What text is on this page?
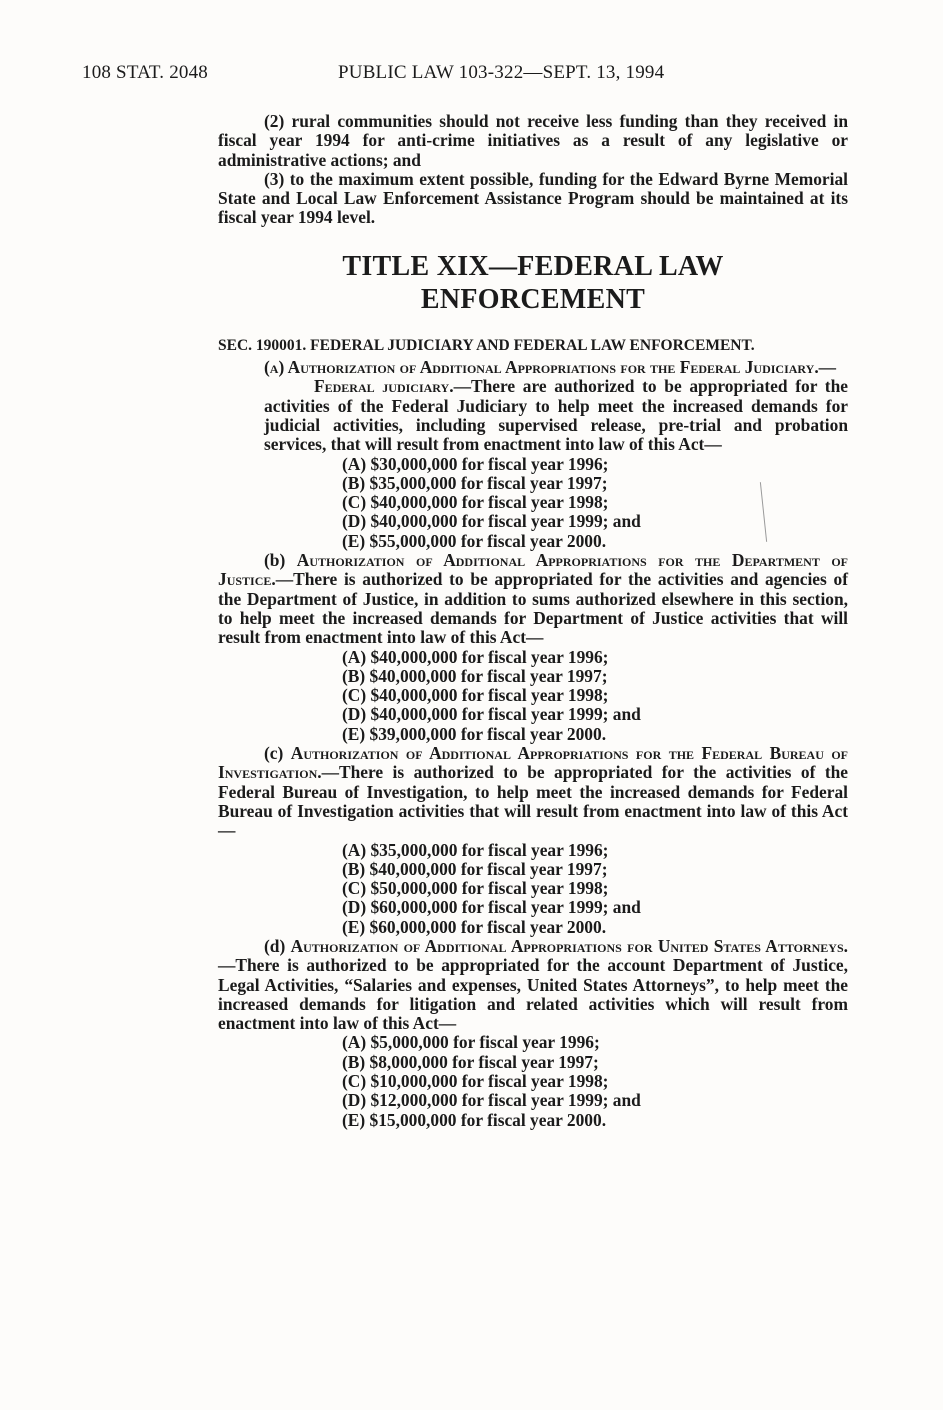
108 STAT. 2048	PUBLIC LAW 103-322—SEPT. 13, 1994

(2) rural communities should not receive less funding than they received in fiscal year 1994 for anti-crime initiatives as a result of any legislative or administrative actions; and

(3) to the maximum extent possible, funding for the Edward Byrne Memorial State and Local Law Enforcement Assistance Program should be maintained at its fiscal year 1994 level.

TITLE XIX—FEDERAL LAW
ENFORCEMENT

SEC. 190001. FEDERAL JUDICIARY AND FEDERAL LAW ENFORCEMENT.

(a) Authorization of Additional Appropriations for the Federal Judiciary.—

Federal judiciary.—There are authorized to be appropriated for the activities of the Federal Judiciary to help meet the increased demands for judicial activities, including supervised release, pre-trial and probation services, that will result from enactment into law of this Act—

(A) $30,000,000 for fiscal year 1996;

(B) $35,000,000 for fiscal year 1997;

(C) $40,000,000 for fiscal year 1998;

(D) $40,000,000 for fiscal year 1999; and

(E) $55,000,000 for fiscal year 2000.

(b) Authorization of Additional Appropriations for the Department of Justice.—There is authorized to be appropriated for the activities and agencies of the Department of Justice, in addition to sums authorized elsewhere in this section, to help meet the increased demands for Department of Justice activities that will result from enactment into law of this Act—

(A) $40,000,000 for fiscal year 1996;

(B) $40,000,000 for fiscal year 1997;

(C) $40,000,000 for fiscal year 1998;

(D) $40,000,000 for fiscal year 1999; and

(E) $39,000,000 for fiscal year 2000.

(c) Authorization of Additional Appropriations for the Federal Bureau of Investigation.—There is authorized to be appropriated for the activities of the Federal Bureau of Investigation, to help meet the increased demands for Federal Bureau of Investigation activities that will result from enactment into law of this Act—

(A) $35,000,000 for fiscal year 1996;

(B) $40,000,000 for fiscal year 1997;

(C) $50,000,000 for fiscal year 1998;

(D) $60,000,000 for fiscal year 1999; and

(E) $60,000,000 for fiscal year 2000.

(d) Authorization of Additional Appropriations for United States Attorneys.—There is authorized to be appropriated for the account Department of Justice, Legal Activities, “Salaries and expenses, United States Attorneys”, to help meet the increased demands for litigation and related activities which will result from enactment into law of this Act—

(A) $5,000,000 for fiscal year 1996;

(B) $8,000,000 for fiscal year 1997;

(C) $10,000,000 for fiscal year 1998;

(D) $12,000,000 for fiscal year 1999; and

(E) $15,000,000 for fiscal year 2000.
